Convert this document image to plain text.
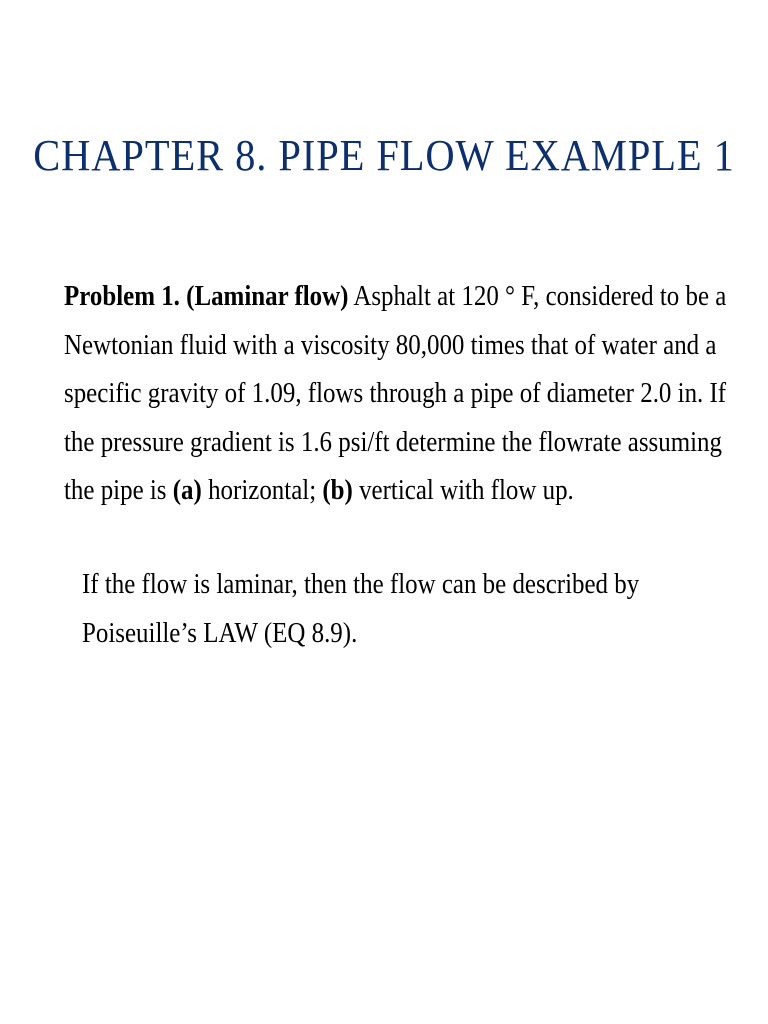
CHAPTER 8. PIPE FLOW EXAMPLE 1
Problem 1. (Laminar flow) Asphalt at 120 ° F, considered to be a
Newtonian fluid with a viscosity 80,000 times that of water and a
specific gravity of 1.09, flows through a pipe of diameter 2.0 in. If
the pressure gradient is 1.6 psi/ft determine the flowrate assuming
the pipe is (a) horizontal; (b) vertical with flow up.
If the flow is laminar, then the flow can be described by
Poiseuille’s LAW (EQ 8.9).
